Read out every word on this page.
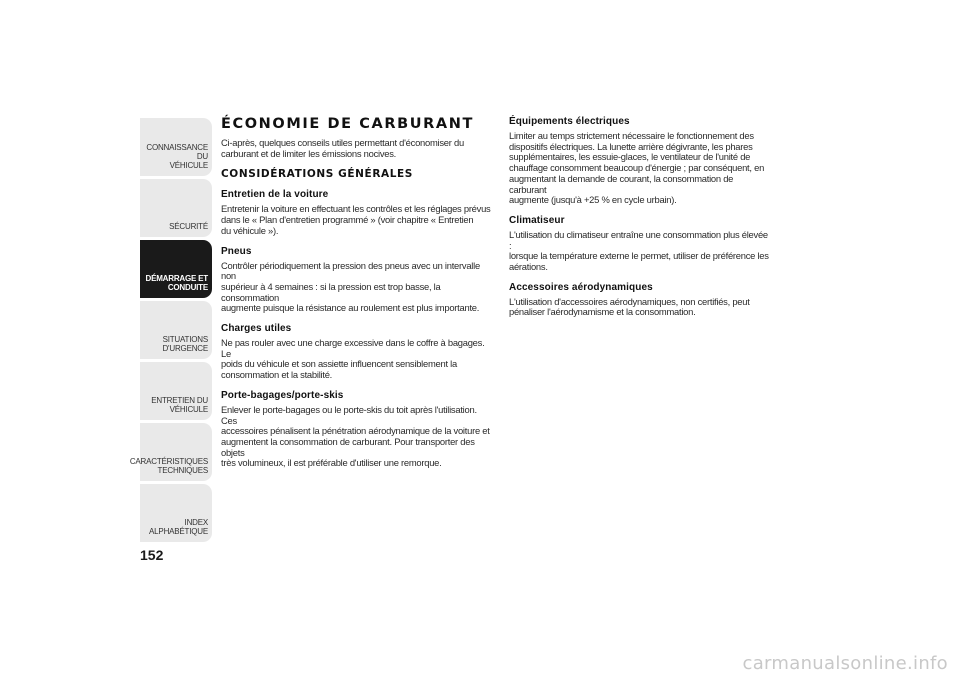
CONNAISSANCE DU
VÉHICULE
SÉCURITÉ
DÉMARRAGE ET
CONDUITE
SITUATIONS
D'URGENCE
ENTRETIEN DU
VÉHICULE
CARACTÉRISTIQUES
TECHNIQUES
INDEX
ALPHABÉTIQUE
152
ÉCONOMIE DE CARBURANT

Ci-après, quelques conseils utiles permettant d'économiser du
carburant et de limiter les émissions nocives.

CONSIDÉRATIONS GÉNÉRALES
Entretien de la voiture

Entretenir la voiture en effectuant les contrôles et les réglages prévus
dans le « Plan d'entretien programmé » (voir chapitre « Entretien
du véhicule »).

Pneus

Contrôler périodiquement la pression des pneus avec un intervalle non
supérieur à 4 semaines : si la pression est trop basse, la consommation
augmente puisque la résistance au roulement est plus importante.

Charges utiles

Ne pas rouler avec une charge excessive dans le coffre à bagages. Le
poids du véhicule et son assiette influencent sensiblement la
consommation et la stabilité.

Porte-bagages/porte-skis

Enlever le porte-bagages ou le porte-skis du toit après l'utilisation. Ces
accessoires pénalisent la pénétration aérodynamique de la voiture et
augmentent la consommation de carburant. Pour transporter des objets
très volumineux, il est préférable d'utiliser une remorque.

Équipements électriques

Limiter au temps strictement nécessaire le fonctionnement des
dispositifs électriques. La lunette arrière dégivrante, les phares
supplémentaires, les essuie-glaces, le ventilateur de l'unité de
chauffage consomment beaucoup d'énergie ; par conséquent, en
augmentant la demande de courant, la consommation de carburant
augmente (jusqu'à +25 % en cycle urbain).

Climatiseur

L'utilisation du climatiseur entraîne une consommation plus élevée :
lorsque la température externe le permet, utiliser de préférence les
aérations.

Accessoires aérodynamiques

L'utilisation d'accessoires aérodynamiques, non certifiés, peut
pénaliser l'aérodynamisme et la consommation.

carmanualsonline.info
